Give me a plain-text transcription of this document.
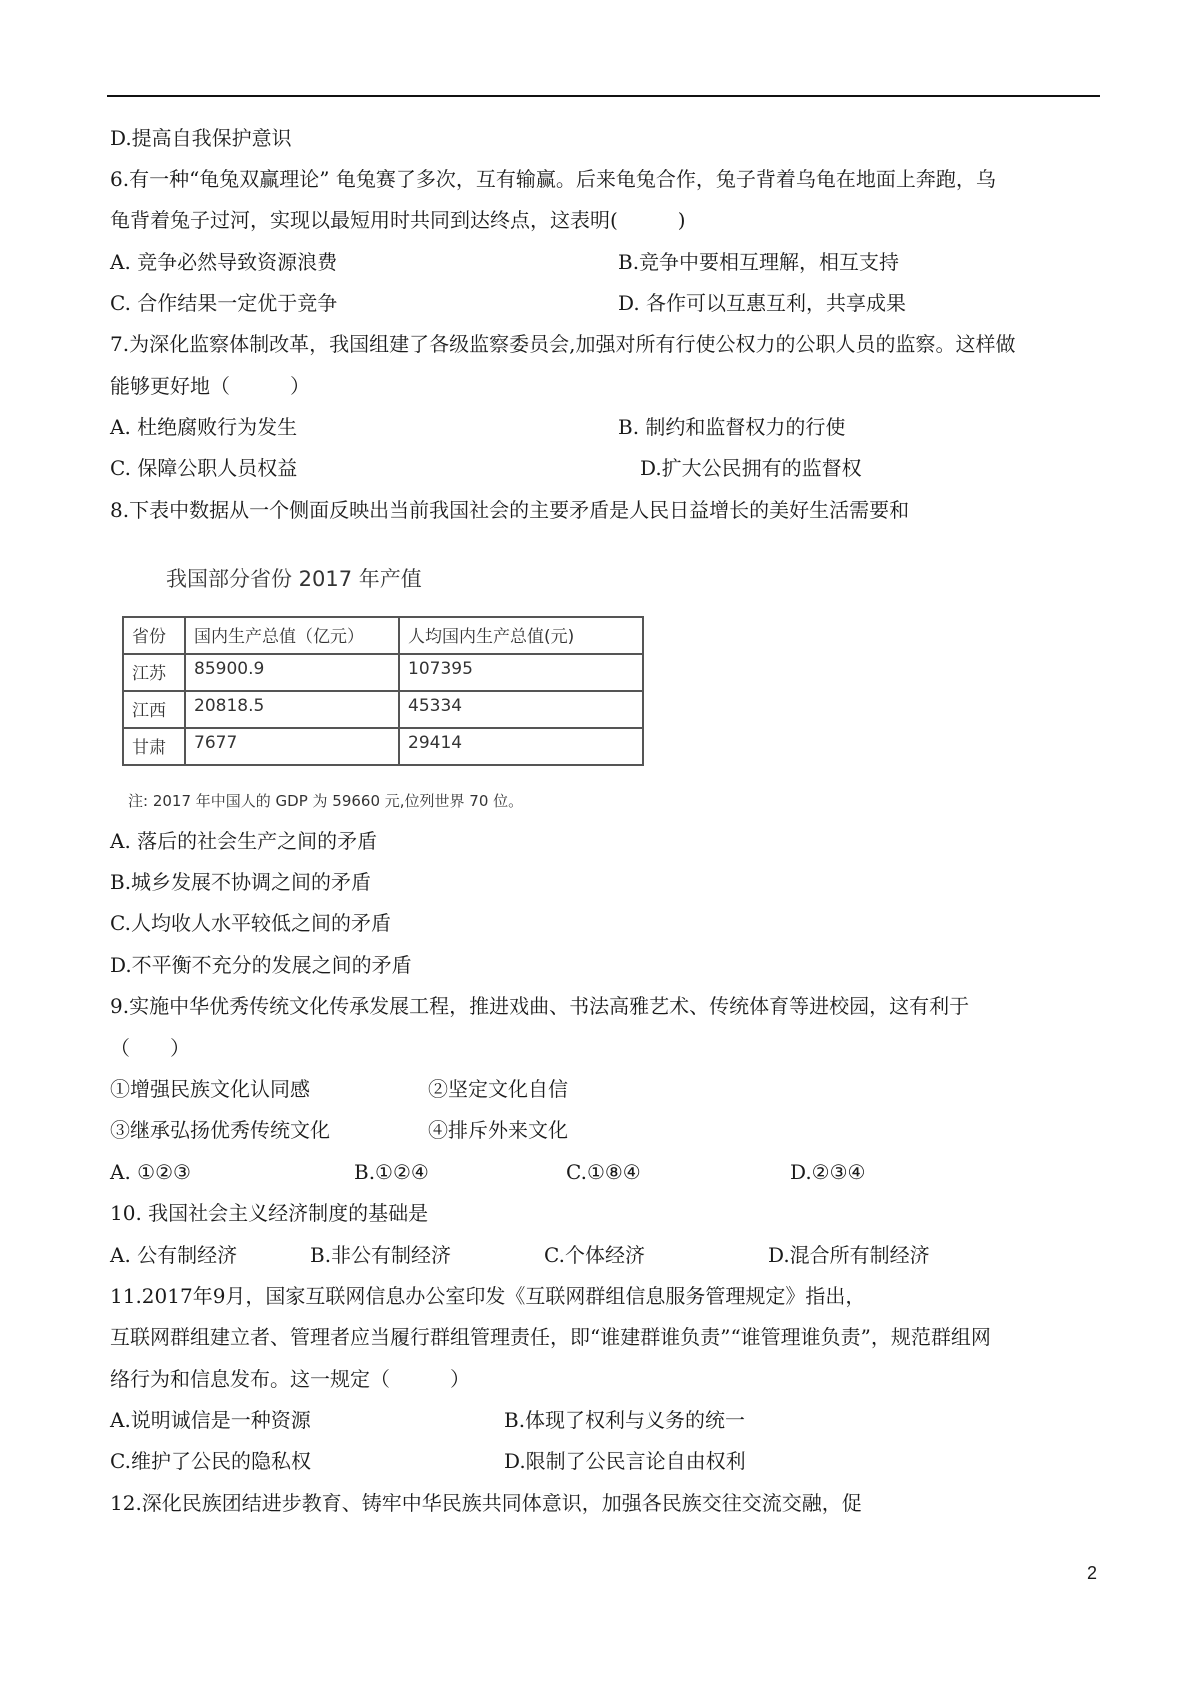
D.提高自我保护意识
6.有一种“龟兔双赢理论” 龟兔赛了多次，互有输赢。后来龟兔合作，兔子背着乌龟在地面上奔跑，乌
龟背着兔子过河，实现以最短用时共同到达终点，这表明(　　　)
A. 竞争必然导致资源浪费	B.竞争中要相互理解，相互支持
C. 合作结果一定优于竞争	D. 各作可以互惠互利，共享成果
7.为深化监察体制改革，我国组建了各级监察委员会,加强对所有行使公权力的公职人员的监察。这样做
能够更好地（　　　）
A. 杜绝腐败行为发生	B. 制约和监督权力的行使
C. 保障公职人员权益	D.扩大公民拥有的监督权
8.下表中数据从一个侧面反映出当前我国社会的主要矛盾是人民日益增长的美好生活需要和
A. 落后的社会生产之间的矛盾
B.城乡发展不协调之间的矛盾
C.人均收人水平较低之间的矛盾
D.不平衡不充分的发展之间的矛盾
9.实施中华优秀传统文化传承发展工程，推进戏曲、书法高雅艺术、传统体育等进校园，这有利于
（　　）
①增强民族文化认同感	②坚定文化自信
③继承弘扬优秀传统文化	④排斥外来文化
A. ①②③	B.①②④	C.①⑧④	D.②③④
10. 我国社会主义经济制度的基础是
A. 公有制经济	B.非公有制经济	C.个体经济	D.混合所有制经济
11.2017年9月，国家互联网信息办公室印发《互联网群组信息服务管理规定》指出，
互联网群组建立者、管理者应当履行群组管理责任，即“谁建群谁负责”“谁管理谁负责”，规范群组网
络行为和信息发布。这一规定（　　　）
A.说明诚信是一种资源	B.体现了权利与义务的统一
C.维护了公民的隐私权	D.限制了公民言论自由权利
12.深化民族团结进步教育、铸牢中华民族共同体意识，加强各民族交往交流交融，促
我国部分省份 2017 年产值
省份	国内生产总值（亿元）	人均国内生产总值(元)
江苏	85900.9	107395
江西	20818.5	45334
甘肃	7677	29414
注: 2017 年中国人的 GDP 为 59660 元,位列世界 70 位。
2
